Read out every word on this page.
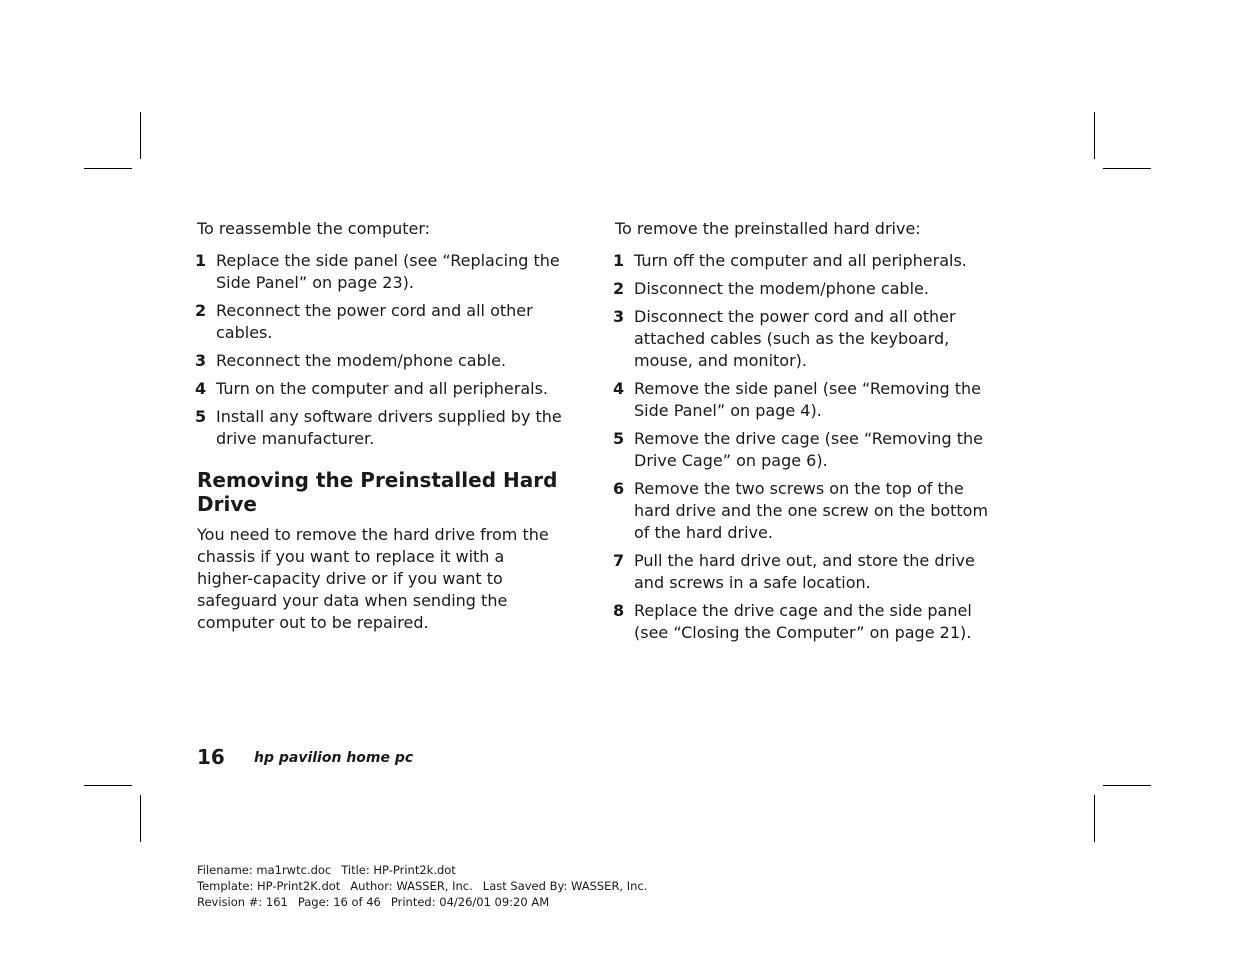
To reassemble the computer:

1 Replace the side panel (see “Replacing the Side Panel” on page 23).
2 Reconnect the power cord and all other cables.
3 Reconnect the modem/phone cable.
4 Turn on the computer and all peripherals.
5 Install any software drivers supplied by the drive manufacturer.
Removing the Preinstalled Hard Drive

You need to remove the hard drive from the chassis if you want to replace it with a higher-capacity drive or if you want to safeguard your data when sending the computer out to be repaired.

To remove the preinstalled hard drive:

1 Turn off the computer and all peripherals.
2 Disconnect the modem/phone cable.
3 Disconnect the power cord and all other attached cables (such as the keyboard, mouse, and monitor).
4 Remove the side panel (see “Removing the Side Panel” on page 4).
5 Remove the drive cage (see “Removing the Drive Cage” on page 6).
6 Remove the two screws on the top of the hard drive and the one screw on the bottom of the hard drive.
7 Pull the hard drive out, and store the drive and screws in a safe location.
8 Replace the drive cage and the side panel (see “Closing the Computer” on page 21).
16 hp pavilion home pc
Filename: ma1rwtc.doc Title: HP-Print2k.dot
Template: HP-Print2K.dot Author: WASSER, Inc. Last Saved By: WASSER, Inc.
Revision #: 161 Page: 16 of 46 Printed: 04/26/01 09:20 AM
